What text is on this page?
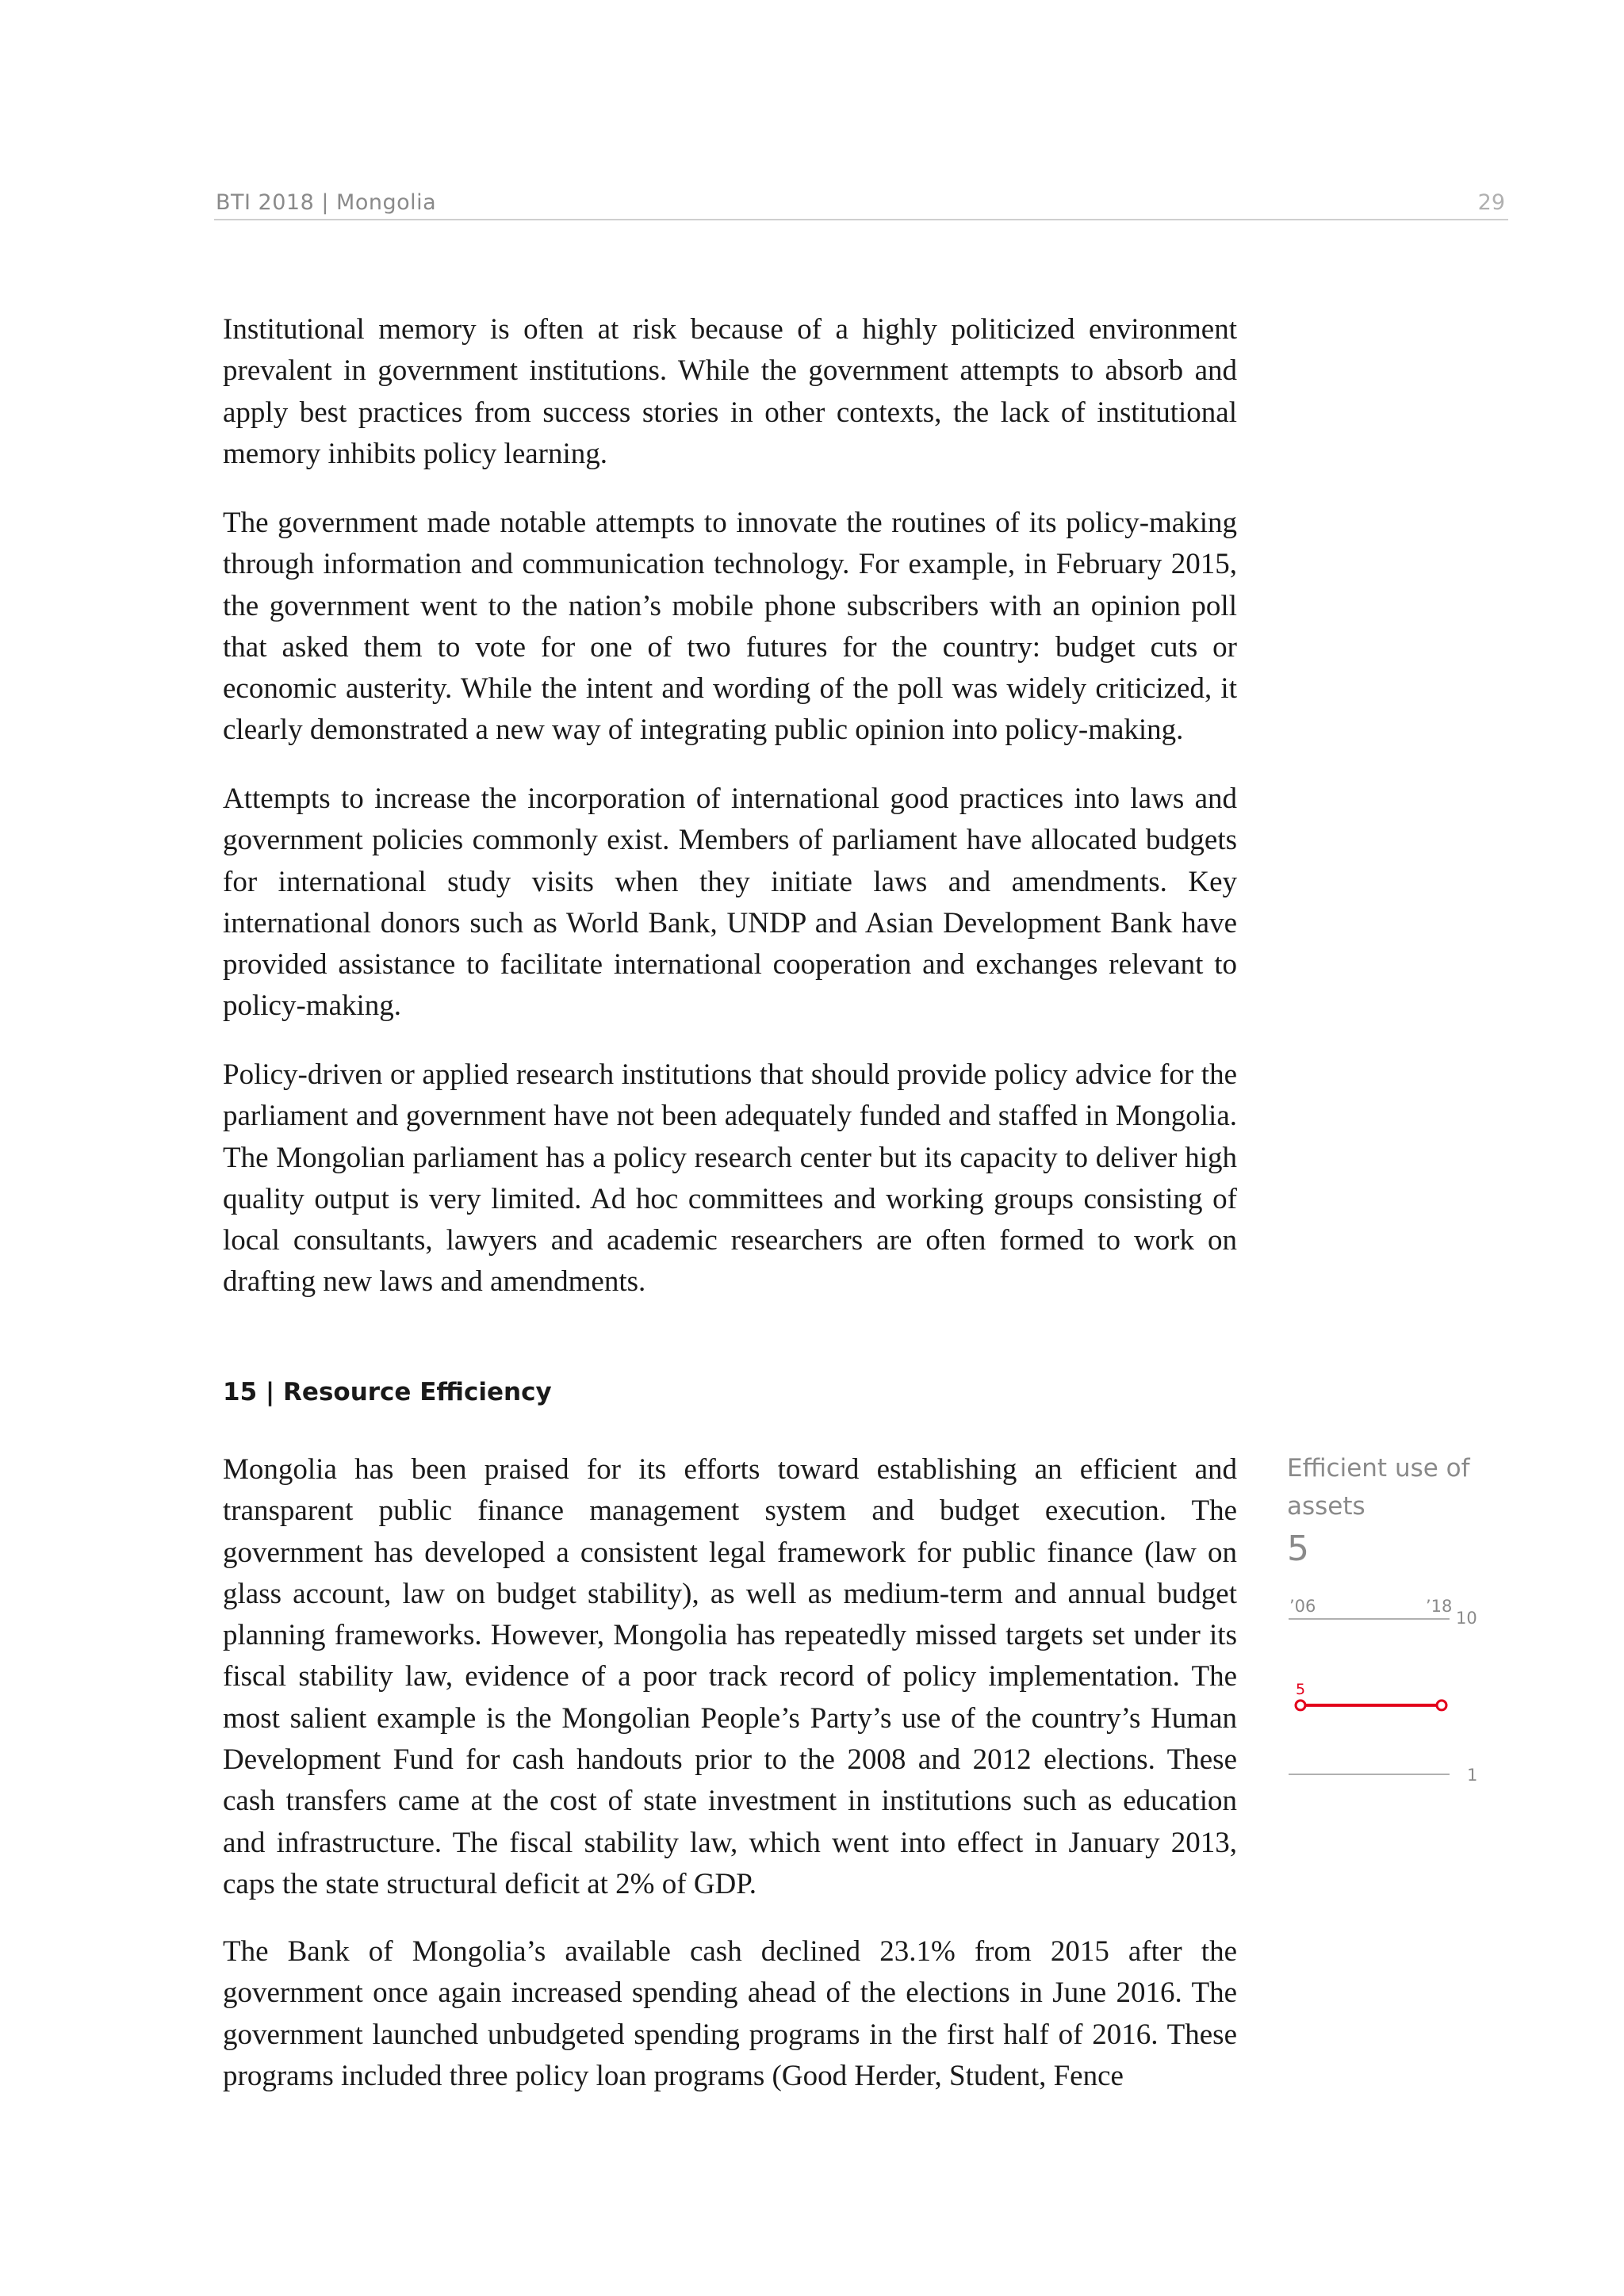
BTI 2018 | Mongolia	29

Institutional memory is often at risk because of a highly politicized environment prevalent in government institutions. While the government attempts to absorb and apply best practices from success stories in other contexts, the lack of institutional memory inhibits policy learning.

The government made notable attempts to innovate the routines of its policy-making through information and communication technology. For example, in February 2015, the government went to the nation’s mobile phone subscribers with an opinion poll that asked them to vote for one of two futures for the country: budget cuts or economic austerity. While the intent and wording of the poll was widely criticized, it clearly demonstrated a new way of integrating public opinion into policy-making.

Attempts to increase the incorporation of international good practices into laws and government policies commonly exist. Members of parliament have allocated budgets for international study visits when they initiate laws and amendments. Key international donors such as World Bank, UNDP and Asian Development Bank have provided assistance to facilitate international cooperation and exchanges relevant to policy-making.

Policy-driven or applied research institutions that should provide policy advice for the parliament and government have not been adequately funded and staffed in Mongolia. The Mongolian parliament has a policy research center but its capacity to deliver high quality output is very limited. Ad hoc committees and working groups consisting of local consultants, lawyers and academic researchers are often formed to work on drafting new laws and amendments.

15 | Resource Efficiency

Mongolia has been praised for its efforts toward establishing an efficient and transparent public finance management system and budget execution. The government has developed a consistent legal framework for public finance (law on glass account, law on budget stability), as well as medium-term and annual budget planning frameworks. However, Mongolia has repeatedly missed targets set under its fiscal stability law, evidence of a poor track record of policy implementation. The most salient example is the Mongolian People’s Party’s use of the country’s Human Development Fund for cash handouts prior to the 2008 and 2012 elections. These cash transfers came at the cost of state investment in institutions such as education and infrastructure. The fiscal stability law, which went into effect in January 2013, caps the state structural deficit at 2% of GDP.

The Bank of Mongolia’s available cash declined 23.1% from 2015 after the government once again increased spending ahead of the elections in June 2016. The government launched unbudgeted spending programs in the first half of 2016. These programs included three policy loan programs (Good Herder, Student, Fence

Efficient use of assets
5
’06	’18
10
1
5
